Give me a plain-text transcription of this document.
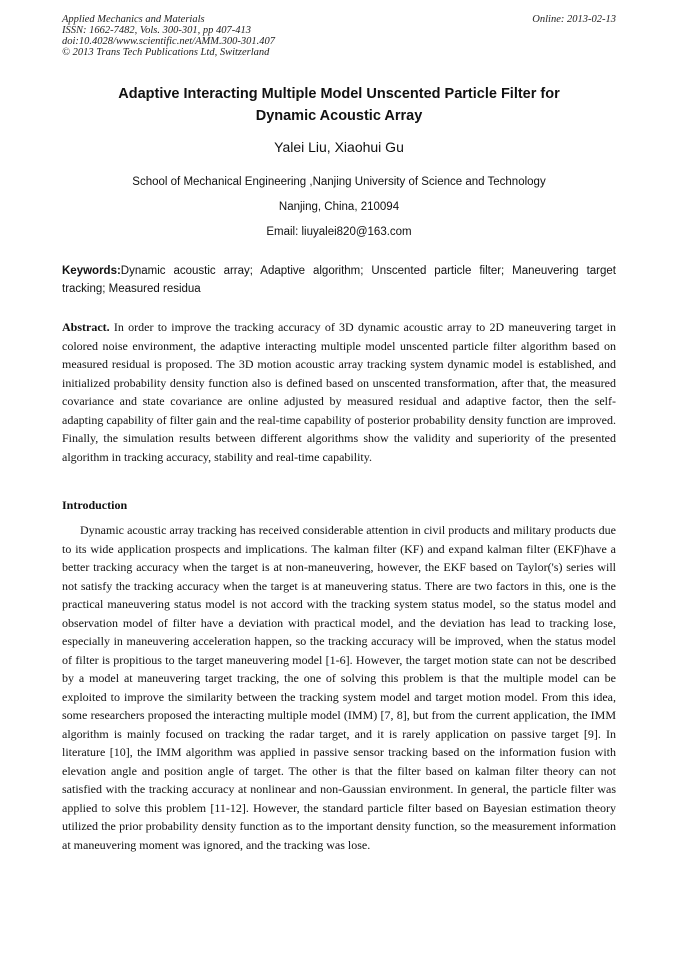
Applied Mechanics and Materials
ISSN: 1662-7482, Vols. 300-301, pp 407-413
doi:10.4028/www.scientific.net/AMM.300-301.407
© 2013 Trans Tech Publications Ltd, Switzerland
Online: 2013-02-13
Adaptive Interacting Multiple Model Unscented Particle Filter for
Dynamic Acoustic Array
Yalei Liu, Xiaohui Gu
School of Mechanical Engineering ,Nanjing University of Science and Technology
Nanjing, China, 210094
Email: liuyalei820@163.com
Keywords:Dynamic acoustic array; Adaptive algorithm; Unscented particle filter; Maneuvering target tracking; Measured residua
Abstract. In order to improve the tracking accuracy of 3D dynamic acoustic array to 2D maneuvering target in colored noise environment, the adaptive interacting multiple model unscented particle filter algorithm based on measured residual is proposed. The 3D motion acoustic array tracking system dynamic model is established, and initialized probability density function also is defined based on unscented transformation, after that, the measured covariance and state covariance are online adjusted by measured residual and adaptive factor, then the self-adapting capability of filter gain and the real-time capability of posterior probability density function are improved. Finally, the simulation results between different algorithms show the validity and superiority of the presented algorithm in tracking accuracy, stability and real-time capability.
Introduction

Dynamic acoustic array tracking has received considerable attention in civil products and military products due to its wide application prospects and implications. The kalman filter (KF) and expand kalman filter (EKF)have a better tracking accuracy when the target is at non-maneuvering, however, the EKF based on Taylor('s) series will not satisfy the tracking accuracy when the target is at maneuvering status. There are two factors in this, one is the practical maneuvering status model is not accord with the tracking system status model, so the status model and observation model of filter have a deviation with practical model, and the deviation has lead to tracking lose, especially in maneuvering acceleration happen, so the tracking accuracy will be improved, when the status model of filter is propitious to the target maneuvering model [1-6]. However, the target motion state can not be described by a model at maneuvering target tracking, the one of solving this problem is that the multiple model can be exploited to improve the similarity between the tracking system model and target motion model. From this idea, some researchers proposed the interacting multiple model (IMM) [7, 8], but from the current application, the IMM algorithm is mainly focused on tracking the radar target, and it is rarely application on passive target [9]. In literature [10], the IMM algorithm was applied in passive sensor tracking based on the information fusion with elevation angle and position angle of target. The other is that the filter based on kalman filter theory can not satisfied with the tracking accuracy at nonlinear and non-Gaussian environment. In general, the particle filter was applied to solve this problem [11-12]. However, the standard particle filter based on Bayesian estimation theory utilized the prior probability density function as to the important density function, so the measurement information at maneuvering moment was ignored, and the tracking was lose.
